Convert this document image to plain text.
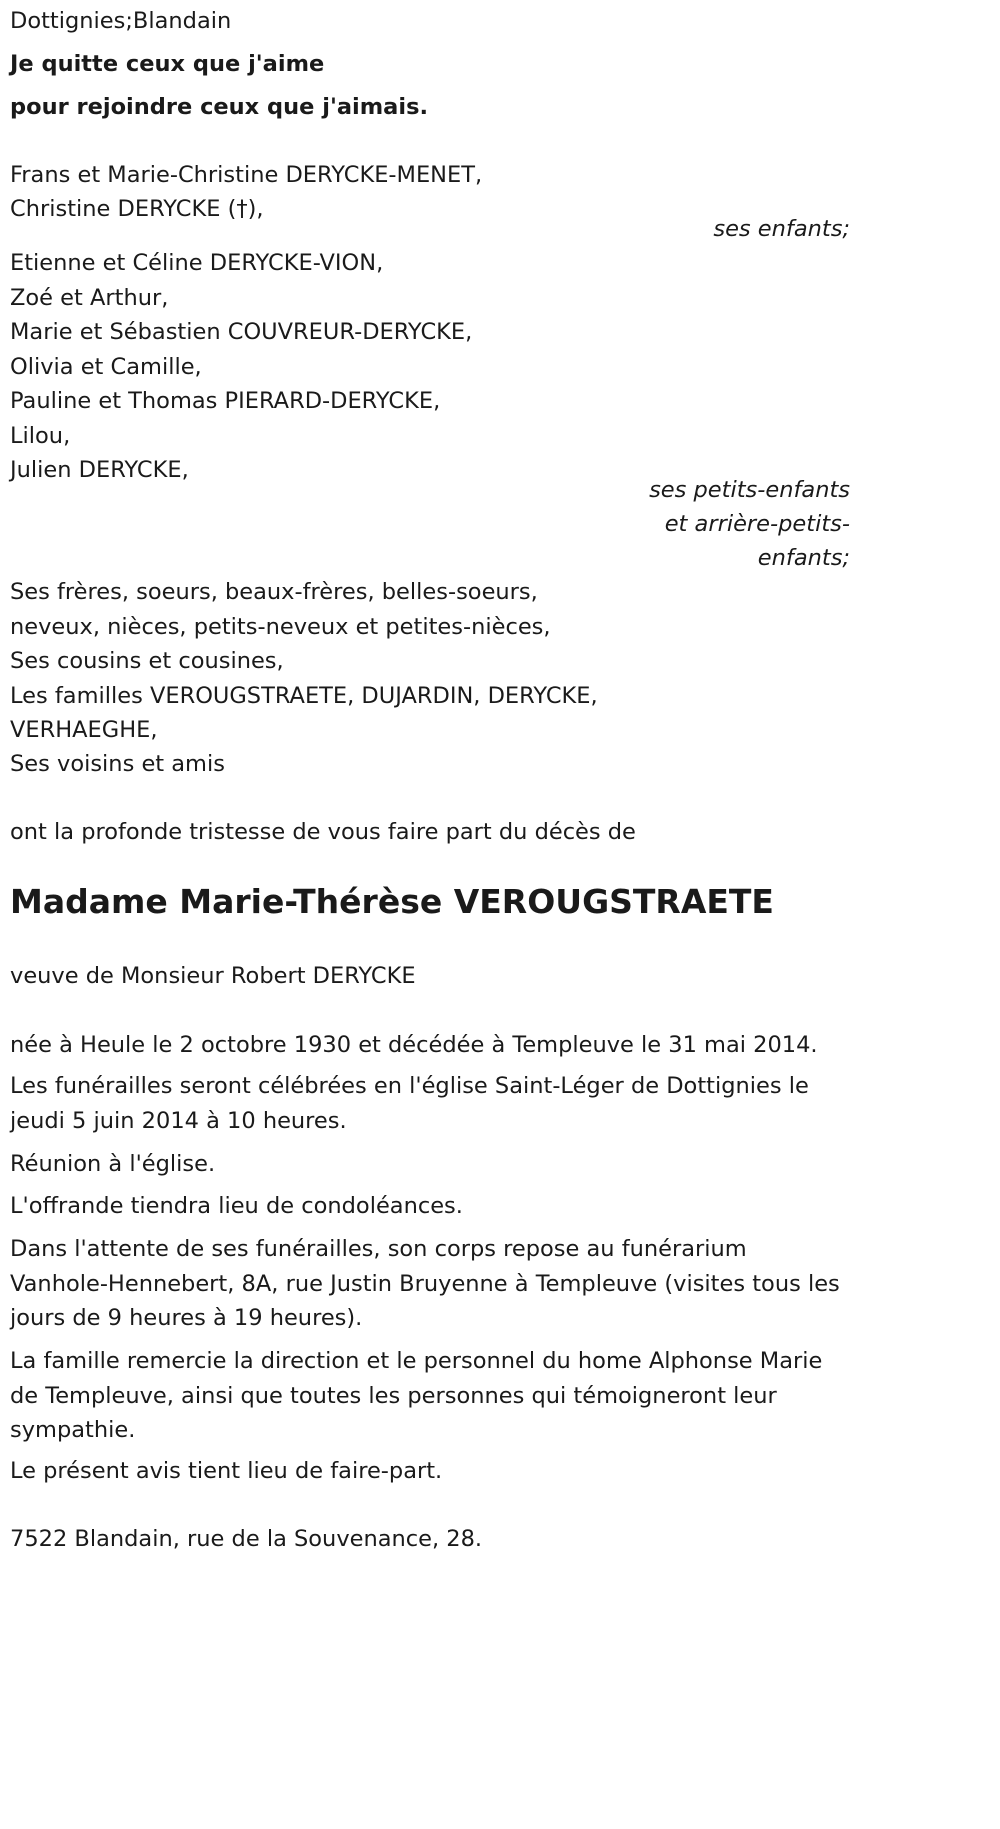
Dottignies;Blandain
Je quitte ceux que j'aime
pour rejoindre ceux que j'aimais.
Frans et Marie-Christine DERYCKE-MENET,
Christine DERYCKE (†),
ses enfants;
Etienne et Céline DERYCKE-VION,
Zoé et Arthur,
Marie et Sébastien COUVREUR-DERYCKE,
Olivia et Camille,
Pauline et Thomas PIERARD-DERYCKE,
Lilou,
Julien DERYCKE,
ses petits-enfants
et arrière-petits-
enfants;
Ses frères, soeurs, beaux-frères, belles-soeurs,
neveux, nièces, petits-neveux et petites-nièces,
Ses cousins et cousines,
Les familles VEROUGSTRAETE, DUJARDIN, DERYCKE,
VERHAEGHE,
Ses voisins et amis
ont la profonde tristesse de vous faire part du décès de
Madame Marie-Thérèse VEROUGSTRAETE
veuve de Monsieur Robert DERYCKE
née à Heule le 2 octobre 1930 et décédée à Templeuve le 31 mai 2014.
Les funérailles seront célébrées en l'église Saint-Léger de Dottignies le jeudi 5 juin 2014 à 10 heures.
Réunion à l'église.
L'offrande tiendra lieu de condoléances.
Dans l'attente de ses funérailles, son corps repose au funérarium Vanhole-Hennebert, 8A, rue Justin Bruyenne à Templeuve (visites tous les jours de 9 heures à 19 heures).
La famille remercie la direction et le personnel du home Alphonse Marie de Templeuve, ainsi que toutes les personnes qui témoigneront leur sympathie.
Le présent avis tient lieu de faire-part.
7522 Blandain, rue de la Souvenance, 28.
